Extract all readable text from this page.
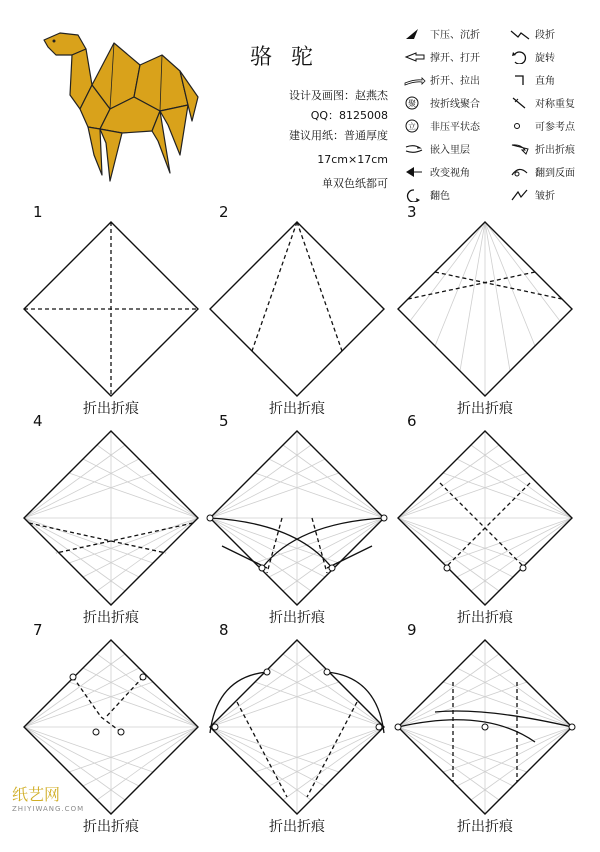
骆 驼
设计及画图：赵燕杰
QQ：8125008
建议用纸：普通厚度
17cm×17cm
单双色纸都可
下压、沉折	段折
撑开、打开	旋转
折开、拉出	直角
聚 按折线聚合	对称重复
立 非压平状态	可参考点
嵌入里层	折出折痕
改变视角	翻到反面
翻色	皱折
1
折出折痕
2
折出折痕
3
折出折痕
4
折出折痕
5
折出折痕
6
折出折痕
7
折出折痕
8
折出折痕
9
折出折痕
纸艺网
ZHIYIWANG.COM
